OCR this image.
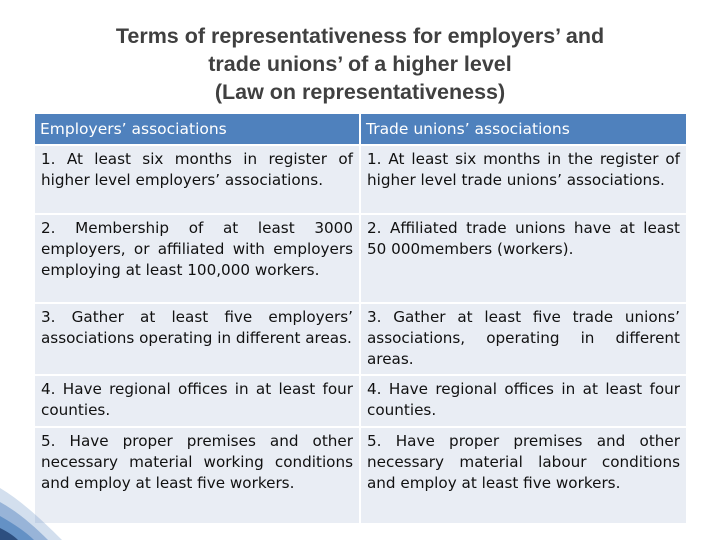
Terms of representativeness for employers’ and
trade unions’ of a higher level
(Law on representativeness)
Employers’ associations	Trade unions’ associations
1. At least six months in register of higher level employers’ associations.	1. At least six months in the register of higher level trade unions’ associations.
2. Membership of at least 3000 employers, or affiliated with employers employing at least 100,000 workers.	2. Affiliated trade unions have at least 50 000members (workers).
3. Gather at least five employers’ associations operating in different areas.	3. Gather at least five trade unions’ associations, operating in different areas.
4. Have regional offices in at least four counties.	4. Have regional offices in at least four counties.
5. Have proper premises and other necessary material working conditions and employ at least five workers.	5. Have proper premises and other necessary material labour conditions and employ at least five workers.
